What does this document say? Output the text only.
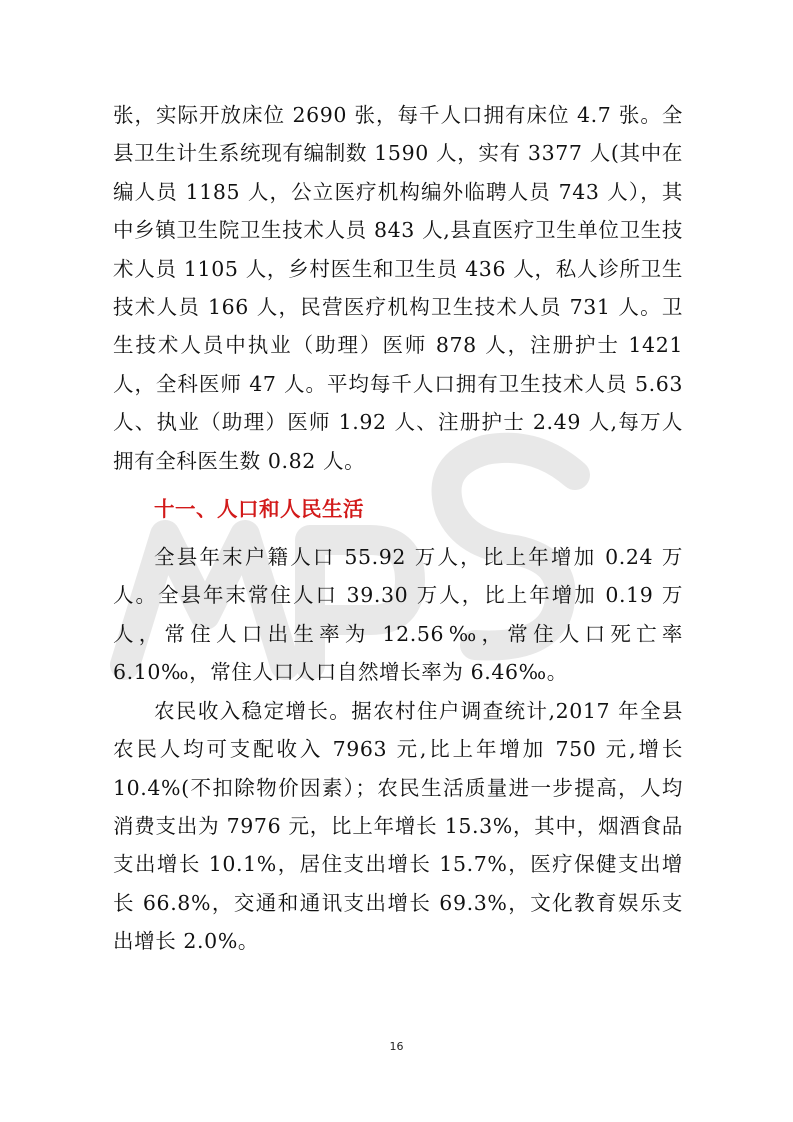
张，实际开放床位 2690 张，每千人口拥有床位 4.7 张。全县卫生计生系统现有编制数 1590 人，实有 3377 人(其中在编人员 1185 人，公立医疗机构编外临聘人员 743 人），其中乡镇卫生院卫生技术人员 843 人,县直医疗卫生单位卫生技术人员 1105 人，乡村医生和卫生员 436 人，私人诊所卫生技术人员 166 人，民营医疗机构卫生技术人员 731 人。卫生技术人员中执业（助理）医师 878 人，注册护士 1421 人，全科医师 47 人。平均每千人口拥有卫生技术人员 5.63 人、执业（助理）医师 1.92 人、注册护士 2.49 人,每万人拥有全科医生数 0.82 人。

十一、人口和人民生活

全县年末户籍人口 55.92 万人，比上年增加 0.24 万人。全县年末常住人口 39.30 万人，比上年增加 0.19 万人，常住人口出生率为 12.56‰，常住人口死亡率 6.10‰，常住人口人口自然增长率为 6.46‰。

农民收入稳定增长。据农村住户调查统计,2017 年全县农民人均可支配收入 7963 元,比上年增加 750 元,增长 10.4%(不扣除物价因素）；农民生活质量进一步提高，人均消费支出为 7976 元，比上年增长 15.3%，其中，烟酒食品支出增长 10.1%，居住支出增长 15.7%，医疗保健支出增长 66.8%，交通和通讯支出增长 69.3%，文化教育娱乐支出增长 2.0%。

16
